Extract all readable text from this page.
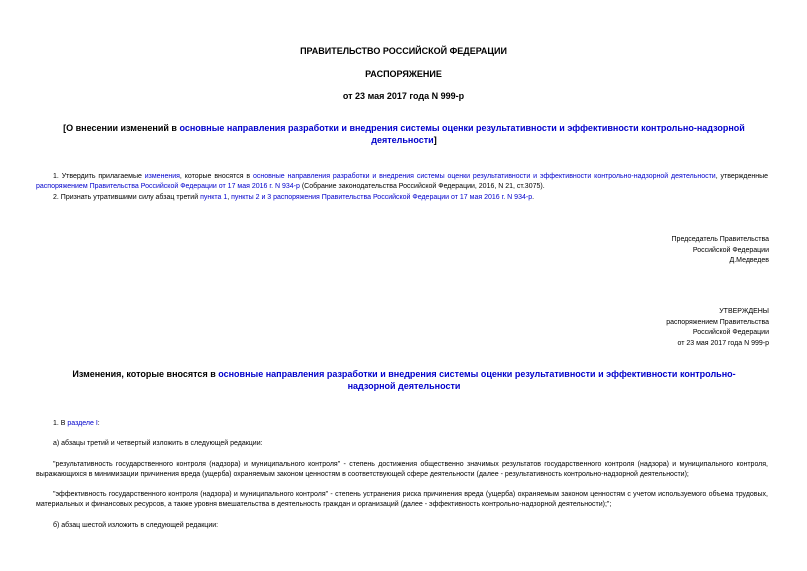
ПРАВИТЕЛЬСТВО РОССИЙСКОЙ ФЕДЕРАЦИИ
РАСПОРЯЖЕНИЕ
от 23 мая 2017 года N 999-р
[О внесении изменений в основные направления разработки и внедрения системы оценки результативности и эффективности контрольно-надзорной деятельности]
1. Утвердить прилагаемые изменения, которые вносятся в основные направления разработки и внедрения системы оценки результативности и эффективности контрольно-надзорной деятельности, утвержденные распоряжением Правительства Российской Федерации от 17 мая 2016 г. N 934-р (Собрание законодательства Российской Федерации, 2016, N 21, ст.3075).
2. Признать утратившими силу абзац третий пункта 1, пункты 2 и 3 распоряжения Правительства Российской Федерации от 17 мая 2016 г. N 934-р.
Председатель Правительства
Российской Федерации
Д.Медведев
УТВЕРЖДЕНЫ
распоряжением Правительства
Российской Федерации
от 23 мая 2017 года N 999-р
Изменения, которые вносятся в основные направления разработки и внедрения системы оценки результативности и эффективности контрольно-надзорной деятельности
1. В разделе I:
а) абзацы третий и четвертый изложить в следующей редакции:
"результативность государственного контроля (надзора) и муниципального контроля" - степень достижения общественно значимых результатов государственного контроля (надзора) и муниципального контроля, выражающихся в минимизации причинения вреда (ущерба) охраняемым законом ценностям в соответствующей сфере деятельности (далее - результативность контрольно-надзорной деятельности);
"эффективность государственного контроля (надзора) и муниципального контроля" - степень устранения риска причинения вреда (ущерба) охраняемым законом ценностям с учетом используемого объема трудовых, материальных и финансовых ресурсов, а также уровня вмешательства в деятельность граждан и организаций (далее - эффективность контрольно-надзорной деятельности);";
б) абзац шестой изложить в следующей редакции:
